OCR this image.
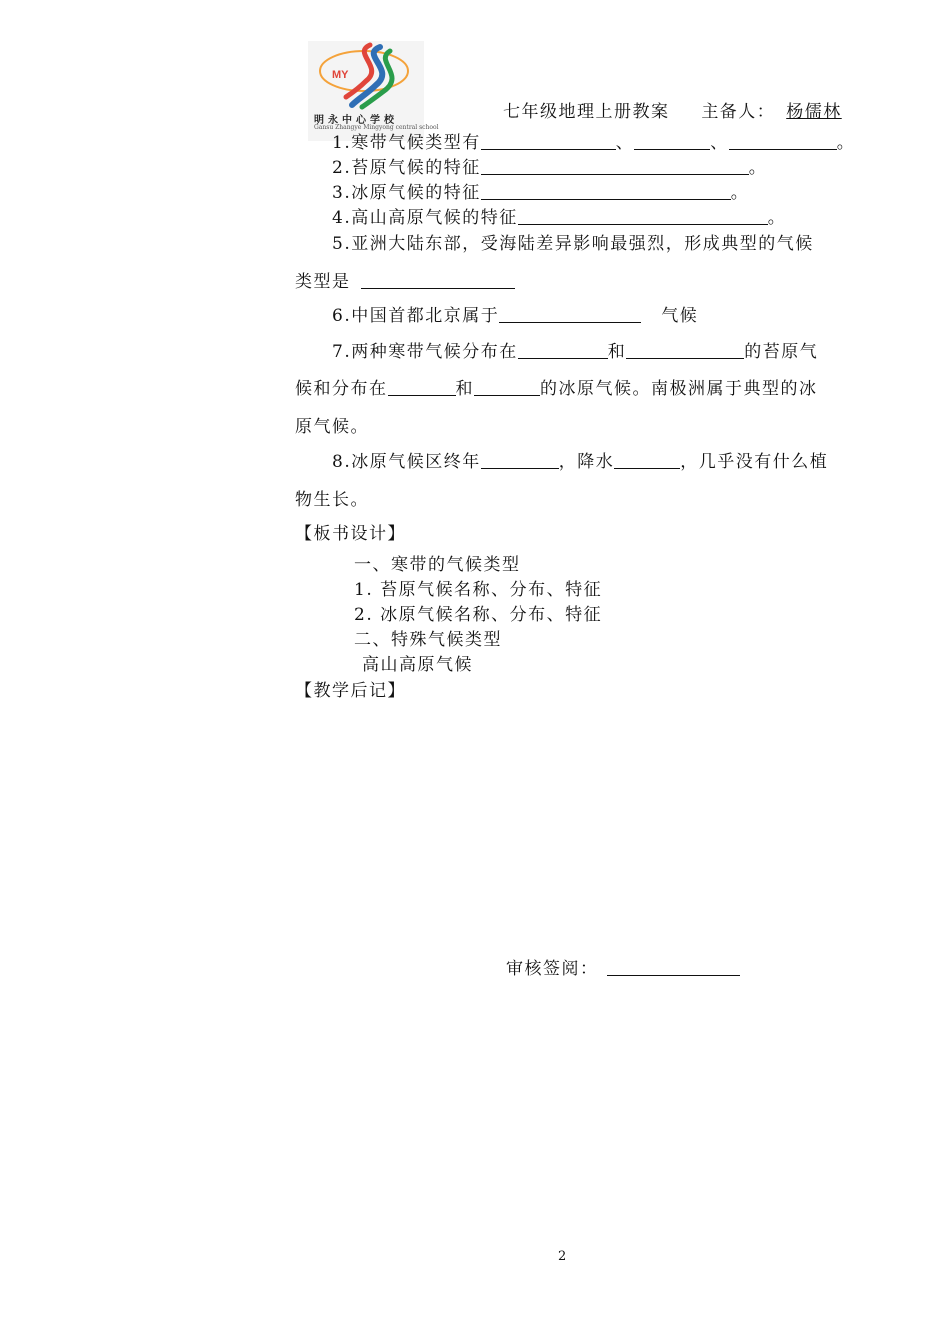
MY
明永中心学校
Gansu Zhangye Mingyong central school
七年级地理上册教案 主备人： 杨儒林
1.寒带气候类型有	、	、	。
2.苔原气候的特征	。
3.冰原气候的特征	。
4.高山高原气候的特征	。
5.亚洲大陆东部，受海陆差异影响最强烈，形成典型的气候
类型是
6.中国首都北京属于	气候
7.两种寒带气候分布在	和	的苔原气
候和分布在	和	的冰原气候。南极洲属于典型的冰
原气候。
8.冰原气候区终年	，降水	，几乎没有什么植
物生长。
【板书设计】
一、寒带的气候类型
1. 苔原气候名称、分布、特征
2. 冰原气候名称、分布、特征
二、特殊气候类型
高山高原气候
【教学后记】
审核签阅：
2
